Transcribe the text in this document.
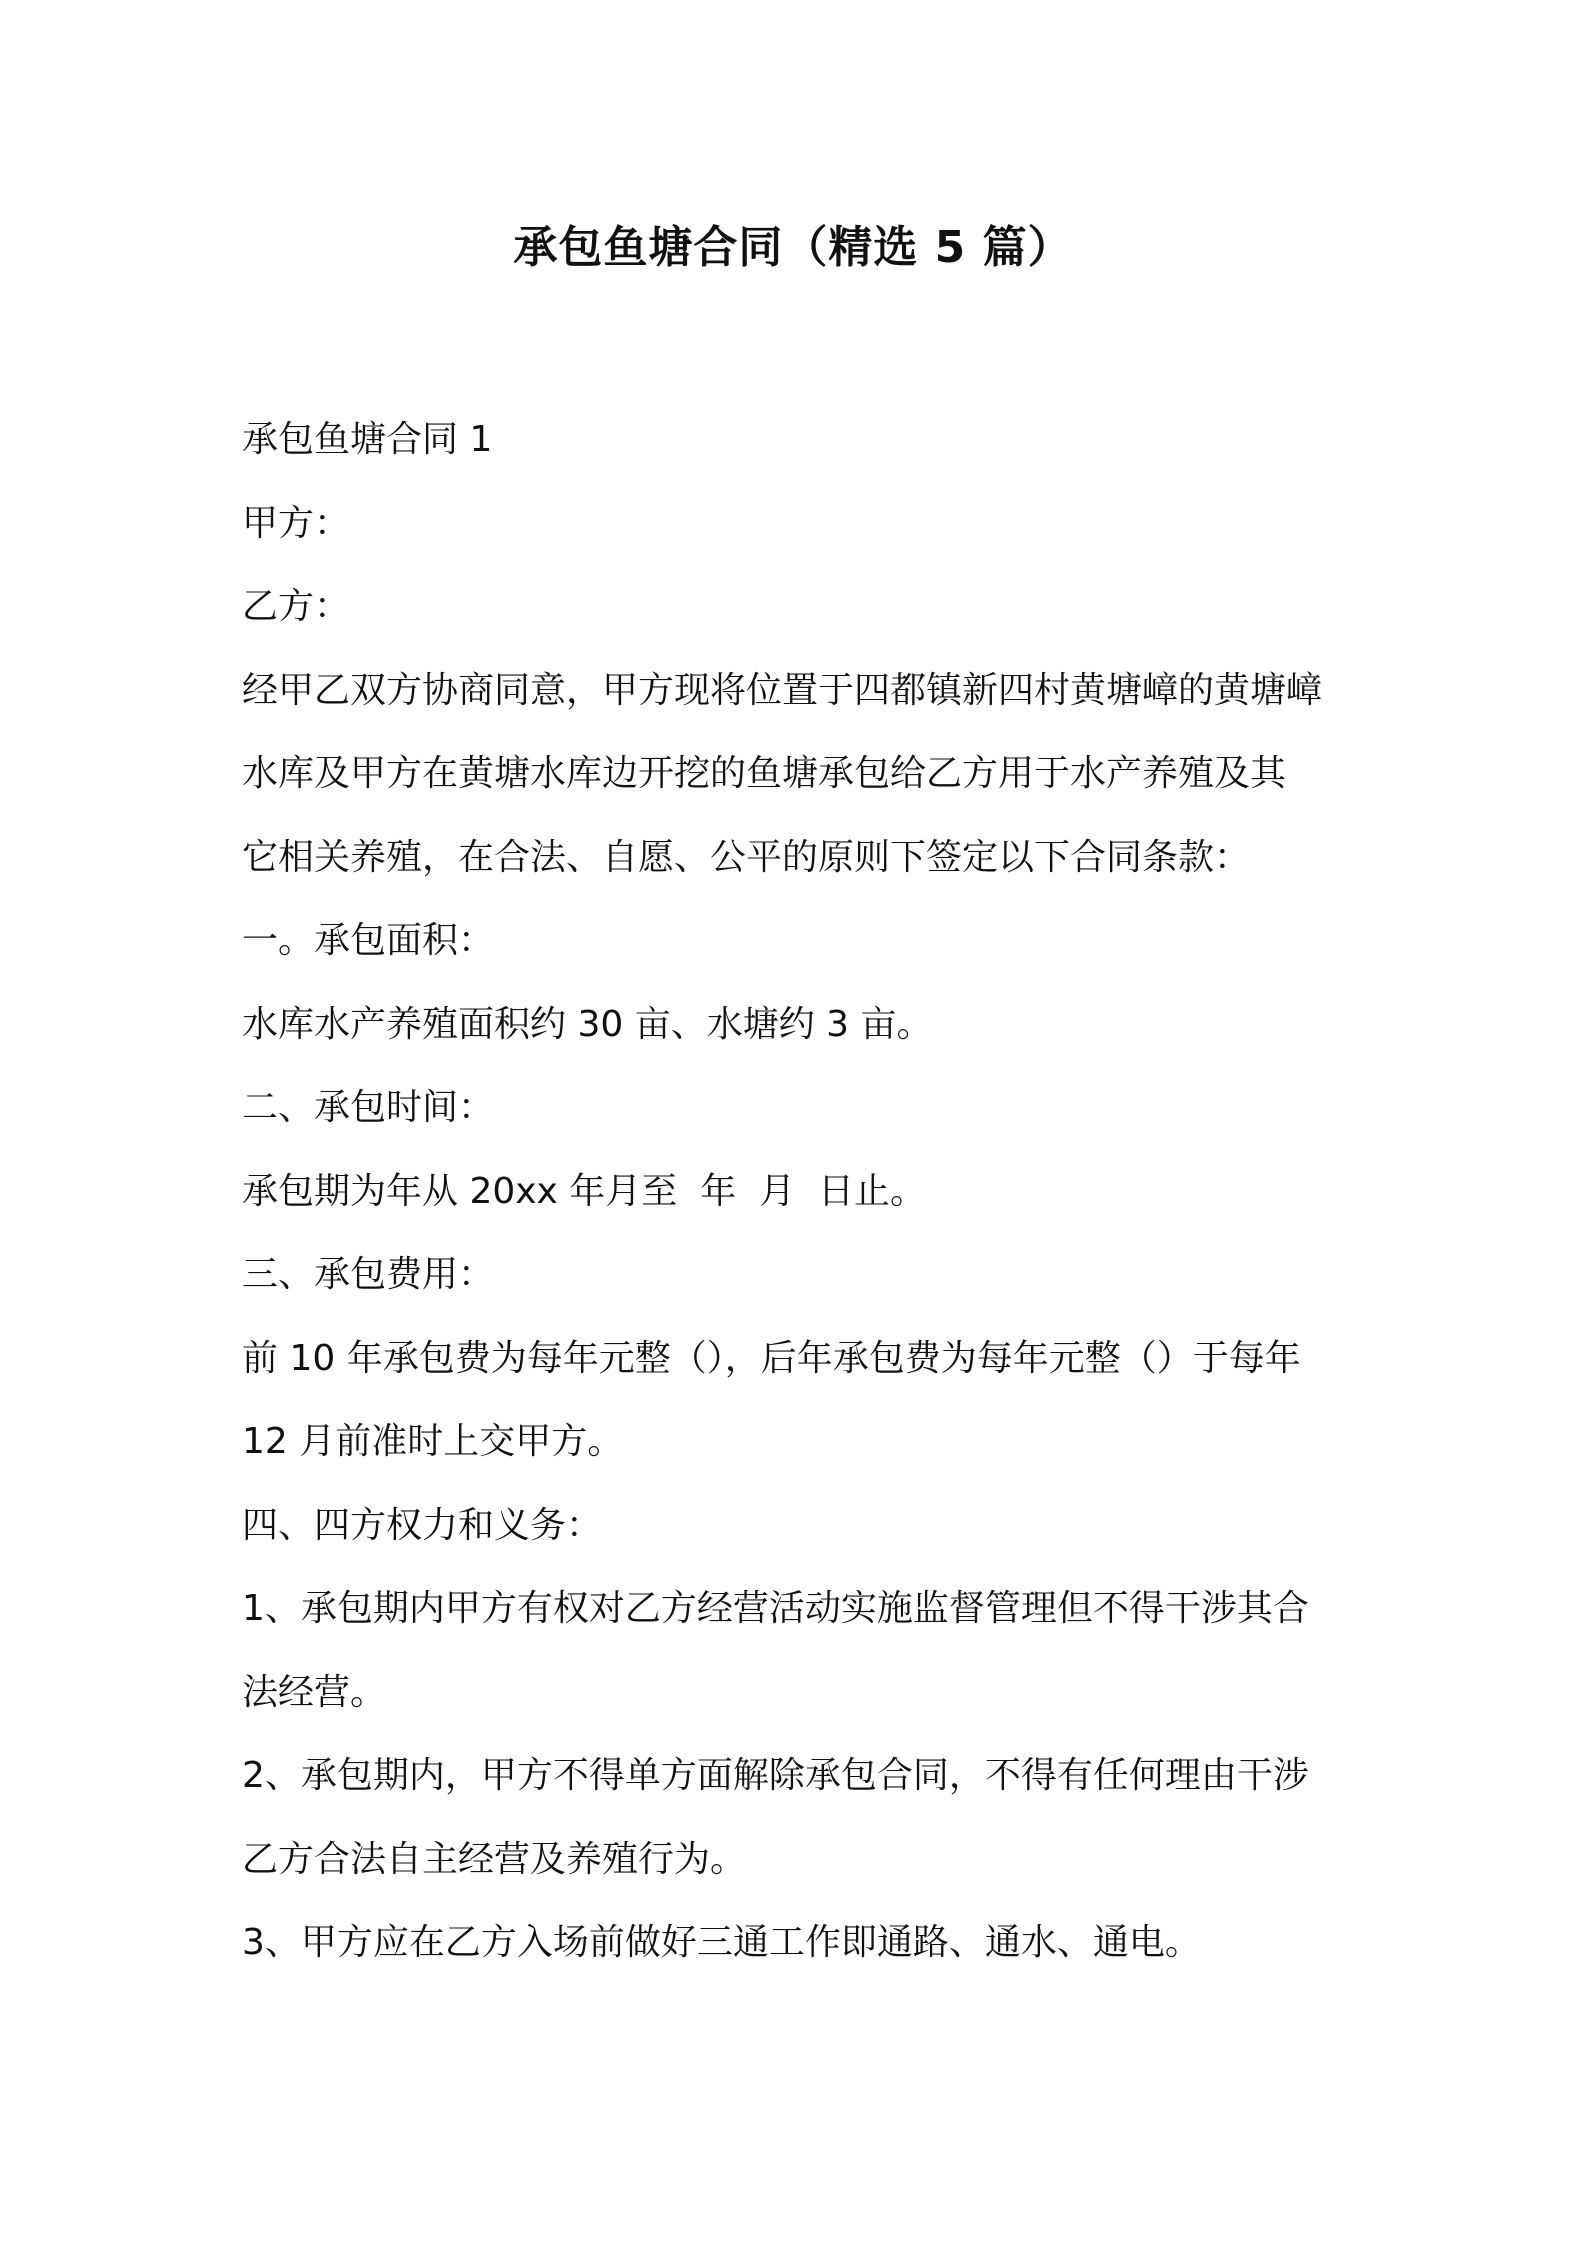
承包鱼塘合同（精选 5 篇）

承包鱼塘合同 1

甲方：

乙方：

经甲乙双方协商同意，甲方现将位置于四都镇新四村黄塘嶂的黄塘嶂

水库及甲方在黄塘水库边开挖的鱼塘承包给乙方用于水产养殖及其

它相关养殖，在合法、自愿、公平的原则下签定以下合同条款：

一。承包面积：

水库水产养殖面积约 30 亩、水塘约 3 亩。

二、承包时间：

承包期为年从 20xx 年月至  年  月  日止。

三、承包费用：

前 10 年承包费为每年元整（），后年承包费为每年元整（）于每年

12 月前准时上交甲方。

四、四方权力和义务：

1、承包期内甲方有权对乙方经营活动实施监督管理但不得干涉其合

法经营。

2、承包期内，甲方不得单方面解除承包合同，不得有任何理由干涉

乙方合法自主经营及养殖行为。

3、甲方应在乙方入场前做好三通工作即通路、通水、通电。
